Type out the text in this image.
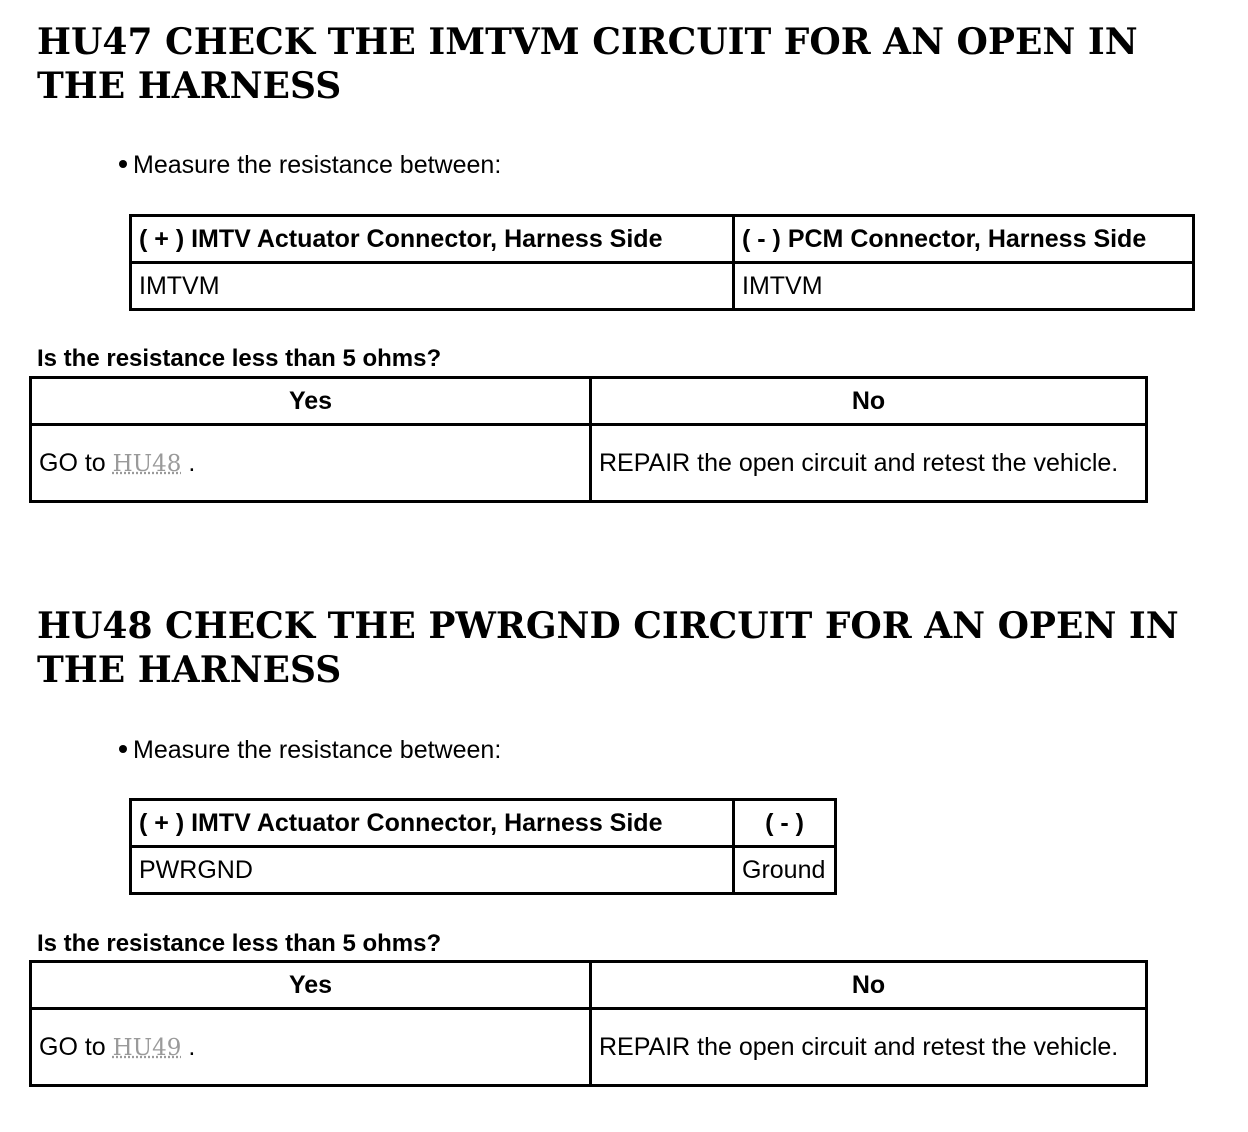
HU47 CHECK THE IMTVM CIRCUIT FOR AN OPEN IN THE HARNESS
Measure the resistance between:
( + ) IMTV Actuator Connector, Harness Side	( - ) PCM Connector, Harness Side
IMTVM	IMTVM
Is the resistance less than 5 ohms?
Yes	No
GO to HU48 .	REPAIR the open circuit and retest the vehicle.
HU48 CHECK THE PWRGND CIRCUIT FOR AN OPEN IN THE HARNESS
Measure the resistance between:
( + ) IMTV Actuator Connector, Harness Side	( - )
PWRGND	Ground
Is the resistance less than 5 ohms?
Yes	No
GO to HU49 .	REPAIR the open circuit and retest the vehicle.
